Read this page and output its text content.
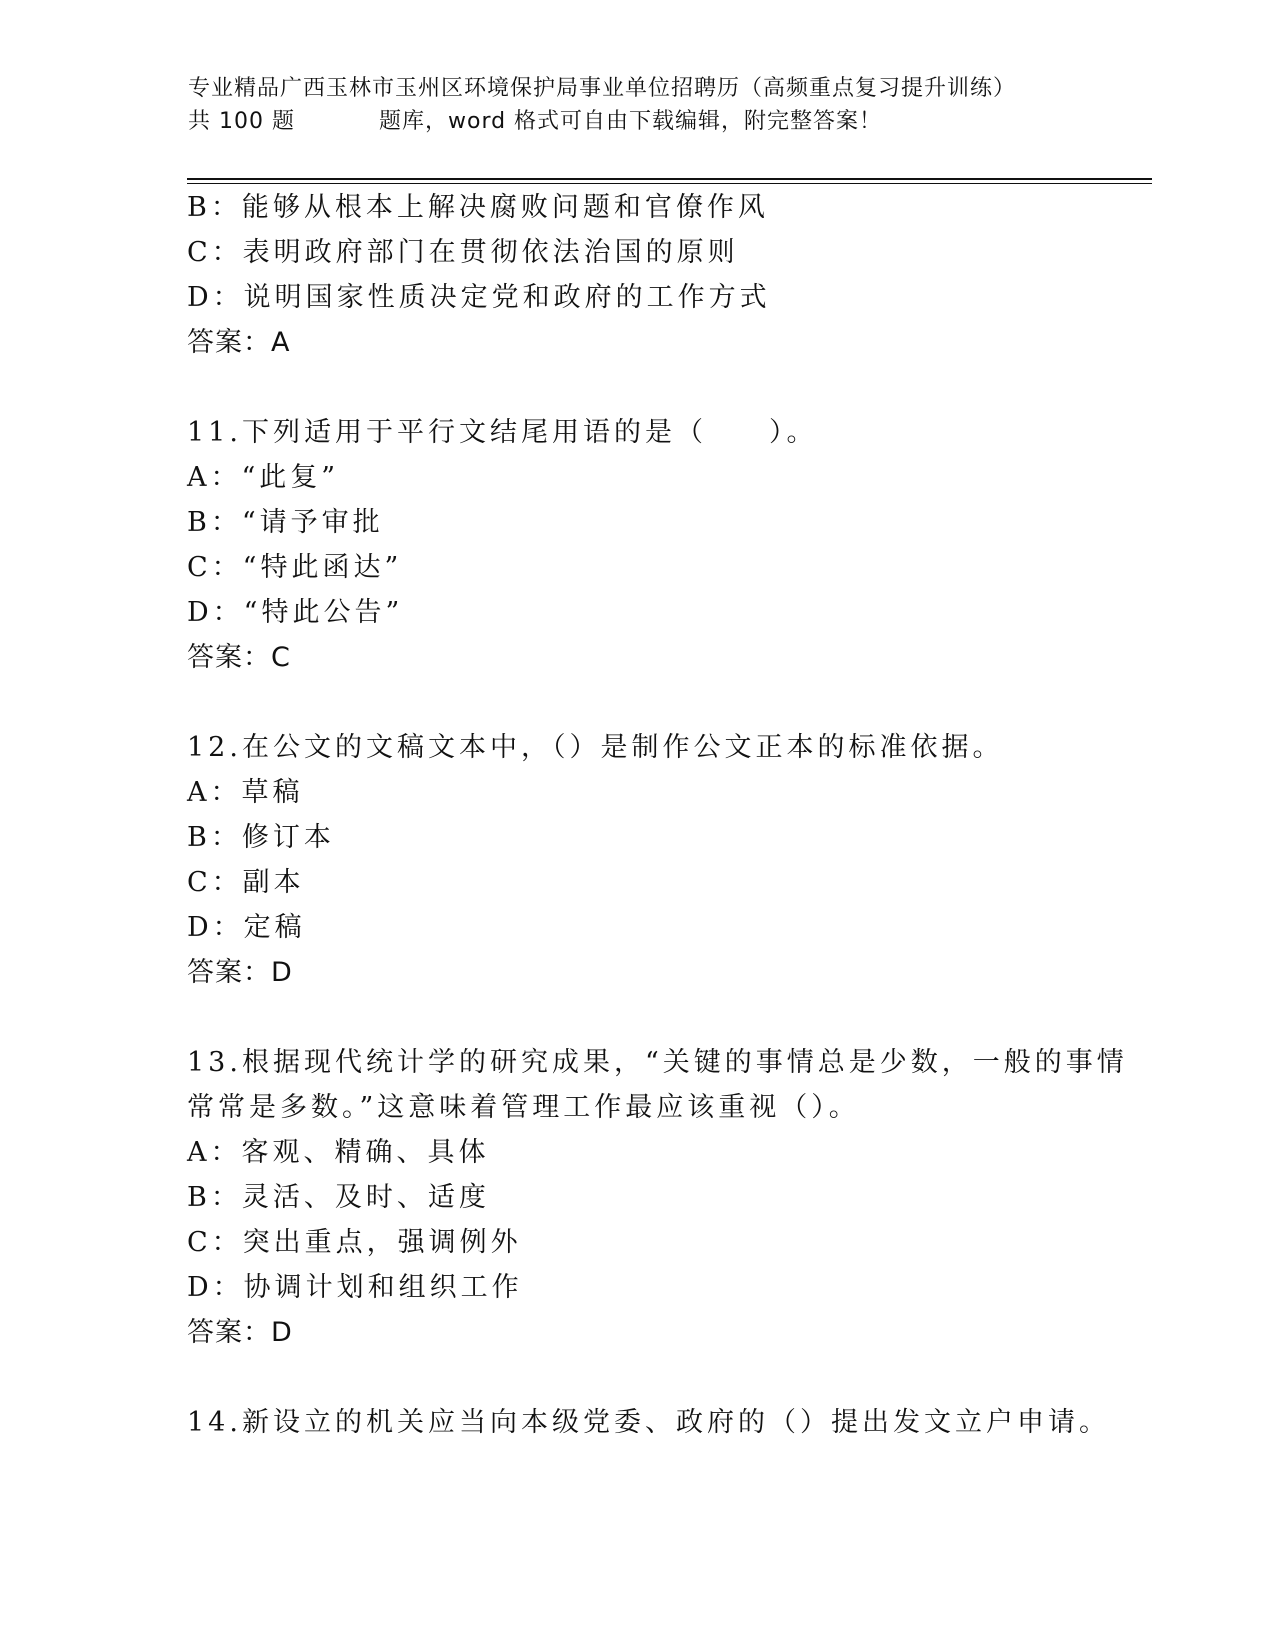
专业精品广西玉林市玉州区环境保护局事业单位招聘历（高频重点复习提升训练）
共 100 题	题库，word 格式可自由下载编辑，附完整答案！
B：能够从根本上解决腐败问题和官僚作风
C：表明政府部门在贯彻依法治国的原则
D：说明国家性质决定党和政府的工作方式
答案：A
11.下列适用于平行文结尾用语的是（　　）。
A：“此复”
B：“请予审批
C：“特此函达”
D：“特此公告”
答案：C
12.在公文的文稿文本中，（）是制作公文正本的标准依据。
A：草稿
B：修订本
C：副本
D：定稿
答案：D
13.根据现代统计学的研究成果，“关键的事情总是少数，一般的事情
常常是多数。”这意味着管理工作最应该重视（）。
A：客观、精确、具体
B：灵活、及时、适度
C：突出重点，强调例外
D：协调计划和组织工作
答案：D
14.新设立的机关应当向本级党委、政府的（）提出发文立户申请。
